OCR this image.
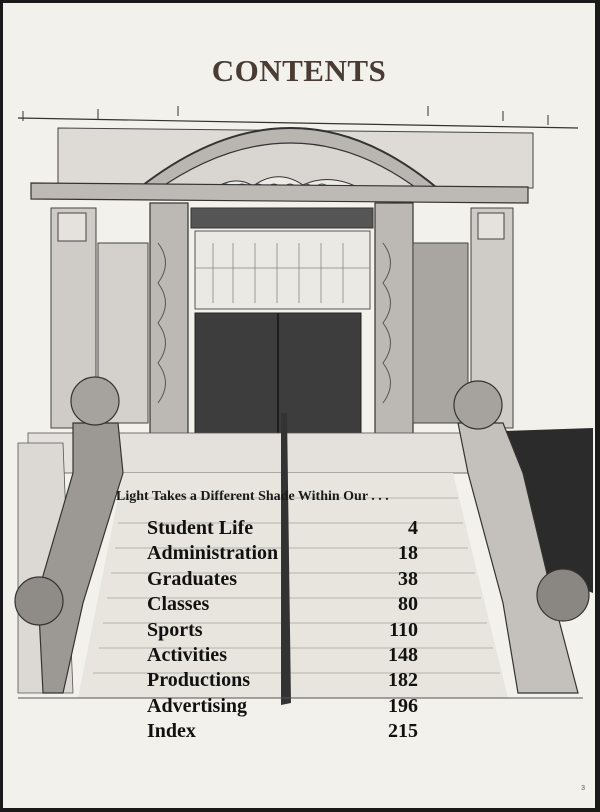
CONTENTS
Light Takes a Different Shade Within Our . . .
Student Life	4
Administration	18
Graduates	38
Classes	80
Sports	110
Activities	148
Productions	182
Advertising	196
Index	215
3
